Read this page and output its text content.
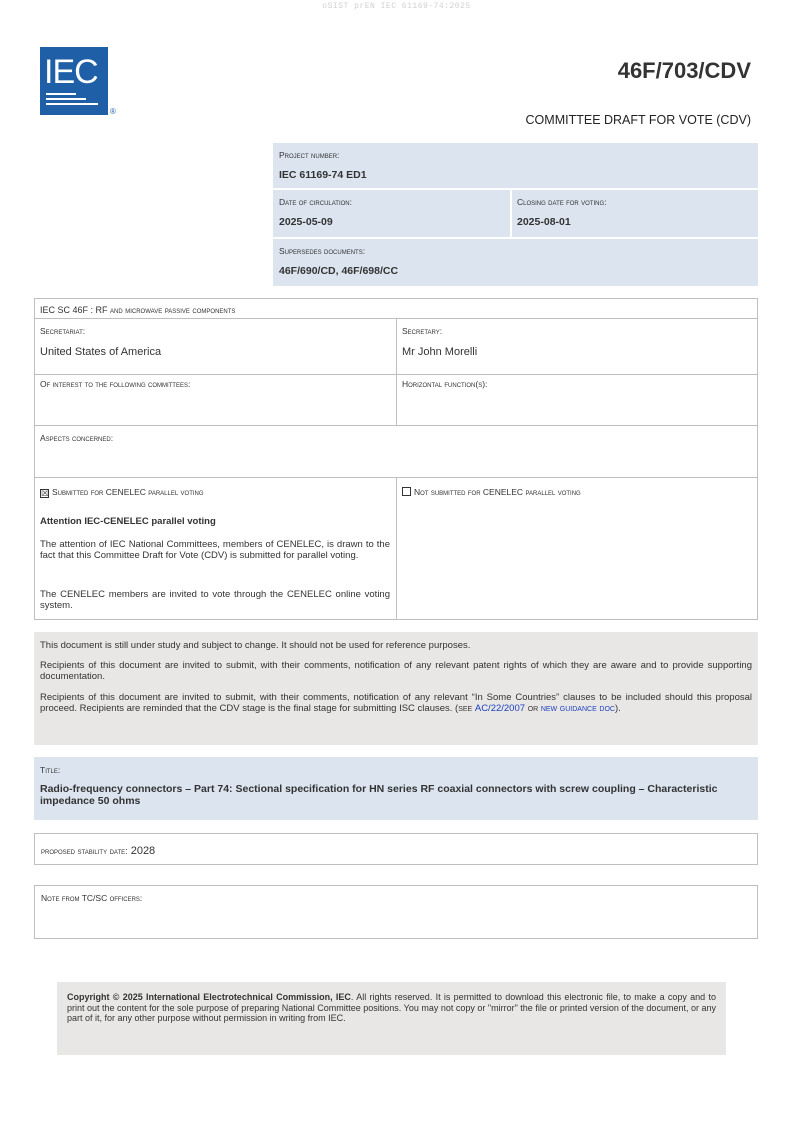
oSIST prEN IEC 61169-74:2025
IEC
®
46F/703/CDV
COMMITTEE DRAFT FOR VOTE (CDV)
Project number:
IEC 61169-74 ED1
Date of circulation:
2025-05-09
Closing date for voting:
2025-08-01
Supersedes documents:
46F/690/CD, 46F/698/CC
IEC SC 46F : RF and microwave passive components
Secretariat:
United States of America
Secretary:
Mr John Morelli
Of interest to the following committees:	Horizontal function(s):
Aspects concerned:
☒ Submitted for CENELEC parallel voting	Not submitted for CENELEC parallel voting
Attention IEC-CENELEC parallel voting
The attention of IEC National Committees, members of CENELEC, is drawn to the fact that this Committee Draft for Vote (CDV) is submitted for parallel voting.
The CENELEC members are invited to vote through the CENELEC online voting system.
This document is still under study and subject to change. It should not be used for reference purposes.
Recipients of this document are invited to submit, with their comments, notification of any relevant patent rights of which they are aware and to provide supporting documentation.
Recipients of this document are invited to submit, with their comments, notification of any relevant “In Some Countries” clauses to be included should this proposal proceed. Recipients are reminded that the CDV stage is the final stage for submitting ISC clauses. (see AC/22/2007 or new guidance doc).
Title:
Radio-frequency connectors – Part 74: Sectional specification for HN series RF coaxial connectors with screw coupling – Characteristic impedance 50 ohms
proposed stability date: 2028
Note from TC/SC officers:
Copyright © 2025 International Electrotechnical Commission, IEC. All rights reserved. It is permitted to download this electronic file, to make a copy and to print out the content for the sole purpose of preparing National Committee positions. You may not copy or "mirror" the file or printed version of the document, or any part of it, for any other purpose without permission in writing from IEC.
